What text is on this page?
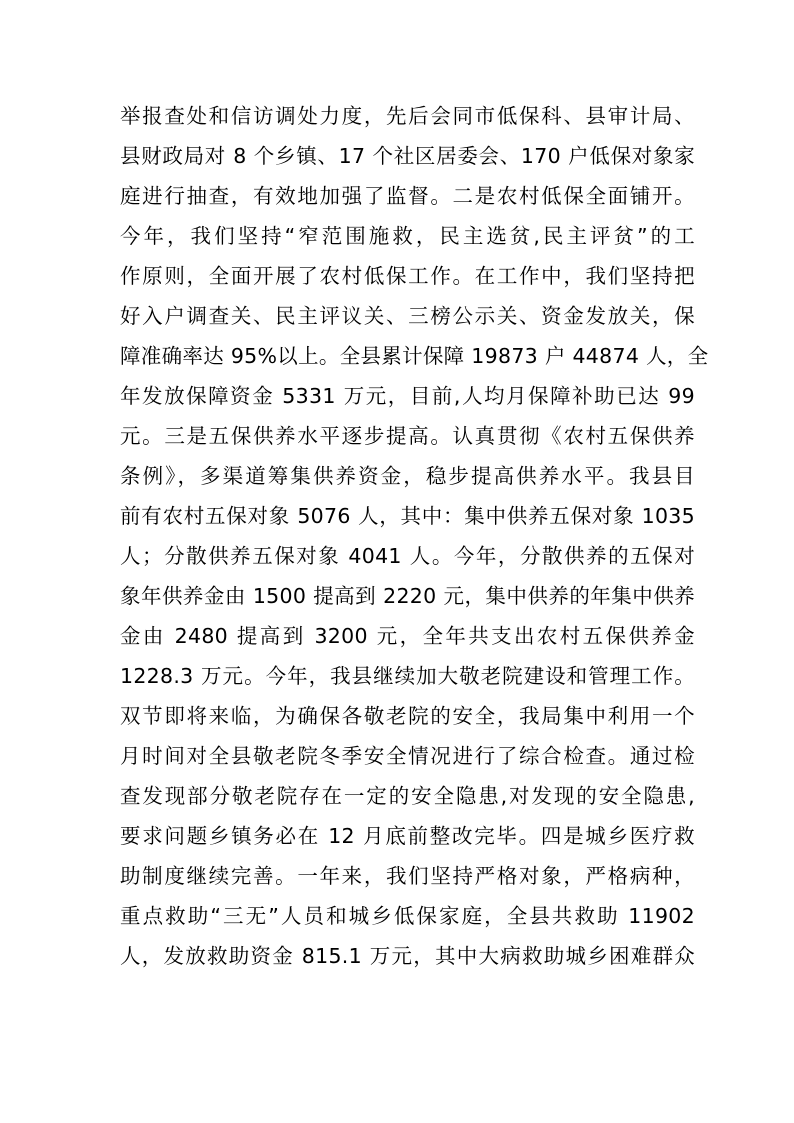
举报查处和信访调处力度，先后会同市低保科、县审计局、
县财政局对 8 个乡镇、17 个社区居委会、170 户低保对象家
庭进行抽查，有效地加强了监督。二是农村低保全面铺开。
今年，我们坚持“窄范围施救，民主选贫,民主评贫”的工
作原则，全面开展了农村低保工作。在工作中，我们坚持把
好入户调查关、民主评议关、三榜公示关、资金发放关，保
障准确率达 95%以上。全县累计保障 19873 户 44874 人，全
年发放保障资金 5331 万元，目前,人均月保障补助已达 99
元。三是五保供养水平逐步提高。认真贯彻《农村五保供养
条例》，多渠道筹集供养资金，稳步提高供养水平。我县目
前有农村五保对象 5076 人，其中：集中供养五保对象 1035
人；分散供养五保对象 4041 人。今年，分散供养的五保对
象年供养金由 1500 提高到 2220 元，集中供养的年集中供养
金由 2480 提高到 3200 元，全年共支出农村五保供养金
1228.3 万元。今年，我县继续加大敬老院建设和管理工作。
双节即将来临，为确保各敬老院的安全，我局集中利用一个
月时间对全县敬老院冬季安全情况进行了综合检查。通过检
查发现部分敬老院存在一定的安全隐患,对发现的安全隐患,
要求问题乡镇务必在 12 月底前整改完毕。四是城乡医疗救
助制度继续完善。一年来，我们坚持严格对象，严格病种，
重点救助“三无”人员和城乡低保家庭，全县共救助 11902
人，发放救助资金 815.1 万元，其中大病救助城乡困难群众
